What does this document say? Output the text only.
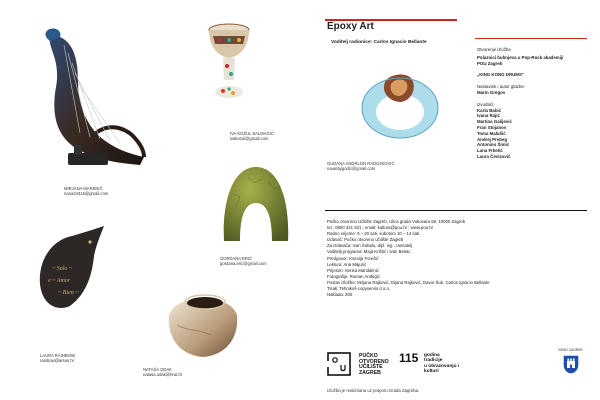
Epoxy Art
Voditelj radionice: Carlos Ignacio Bellante
Otvorenje izložbe
Polaznici bubnjeva u Pop-Rock akademiji
POU Zagreb
„KING KONG DRUMS“
Nastavnik i autor glazbe:
Marin Gregov
Izvođači:
Karla Babić
Ivana Rajić
Martina Galijević
Fran Stojanov
Toma Malušić
Andrej Prebeg
Antonino Šimić
Lana Frketić
Laura Čevizović
MIRJANA MARENIĆ
nana24416@gmail.com
IVA KOŽUL SALMAGIĆ
ivakozul@gmail.com
GUDANA ANDRLON RADOJKOVIĆ
nauetaygodic@gmail.com
GORDANA ERIĆ
gordana.eric@gmail.com
~ Solo ~
e ~ Amor
~ Bien ~
LAURA RAINBOW
rainbow@arsus.hr
NATAŠA ODAK
natasa.odak@hrat.hr
Pučko otvoreno Učilište Zagreb, Ulica grada Vukovara 68, 10000 Zagreb
tel.: 0800 321 521 ; email: kultura@pou.hr ; www.pou.hr
Radno vrijeme: 9 – 20 sati, subotom 10 – 14 sati.
Izdavač: Pučko otvoreno učilište Zagreb
Za izdavača: Ivan Šubalo, dipl. ing., ravnatelj
Voditelji programa: Maja Krištić i Ivan Bekac
Predgovor: Ksenija Forešić
Lektura: Ana Majurić
Prijelom: Senka Mandalinić
Fotografije: Roman Anđegić
Postav izložbe: Mirjana Rajković, Dijana Rajković, Davor Šuk, Carlos Ignacio Bellante
Tisak: Tehnikoš-copyservis d.o.o.
Naklada: 200
PUČKO
OTVORENO
UČILIŠTE
ZAGREB
115 godina
tradicije
u obrazovanju i
kulturi
GRAD ZAGREB
Izložba je realizirana uz potporu Grada Zagreba.
